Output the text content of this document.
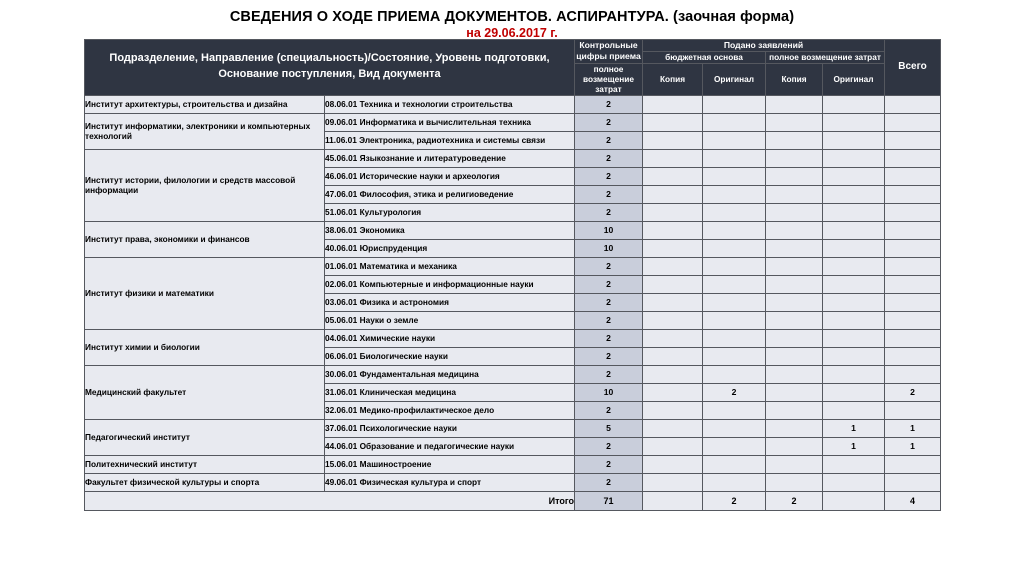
СВЕДЕНИЯ О ХОДЕ ПРИЕМА ДОКУМЕНТОВ. АСПИРАНТУРА. (заочная форма)
на 29.06.2017 г.
Подразделение, Направление (специальность)/Состояние, Уровень подготовки, Основание поступления, Вид документа		Контрольные цифры приема	Подано заявлений				Всего
			бюджетная основа		полное возмещение затрат		
		полное возмещение затрат	Копия	Оригинал	Копия	Оригинал	
Институт архитектуры, строительства и дизайна	08.06.01 Техника и технологии строительства	2					
Институт информатики, электроники и компьютерных технологий	09.06.01 Информатика и вычислительная техника	2					
	11.06.01 Электроника, радиотехника и системы связи	2					
Институт истории, филологии и средств массовой информации	45.06.01 Языкознание и литературоведение	2					
	46.06.01 Исторические науки и археология	2					
	47.06.01 Философия, этика и религиоведение	2					
	51.06.01 Культурология	2					
Институт права, экономики и финансов	38.06.01 Экономика	10					
	40.06.01 Юриспруденция	10					
Институт физики и математики	01.06.01 Математика и механика	2					
	02.06.01 Компьютерные и информационные науки	2					
	03.06.01 Физика и астрономия	2					
	05.06.01 Науки о земле	2					
Институт химии и биологии	04.06.01 Химические науки	2					
	06.06.01 Биологические науки	2					
Медицинский факультет	30.06.01 Фундаментальная медицина	2					
	31.06.01 Клиническая медицина	10		2			2
	32.06.01 Медико-профилактическое дело	2					
Педагогический институт	37.06.01 Психологические науки	5				1	1
	44.06.01 Образование и педагогические науки	2				1	1
Политехнический институт	15.06.01 Машиностроение	2					
Факультет физической культуры и спорта	49.06.01 Физическая культура и спорт	2					
Итого		71		2	2		4
